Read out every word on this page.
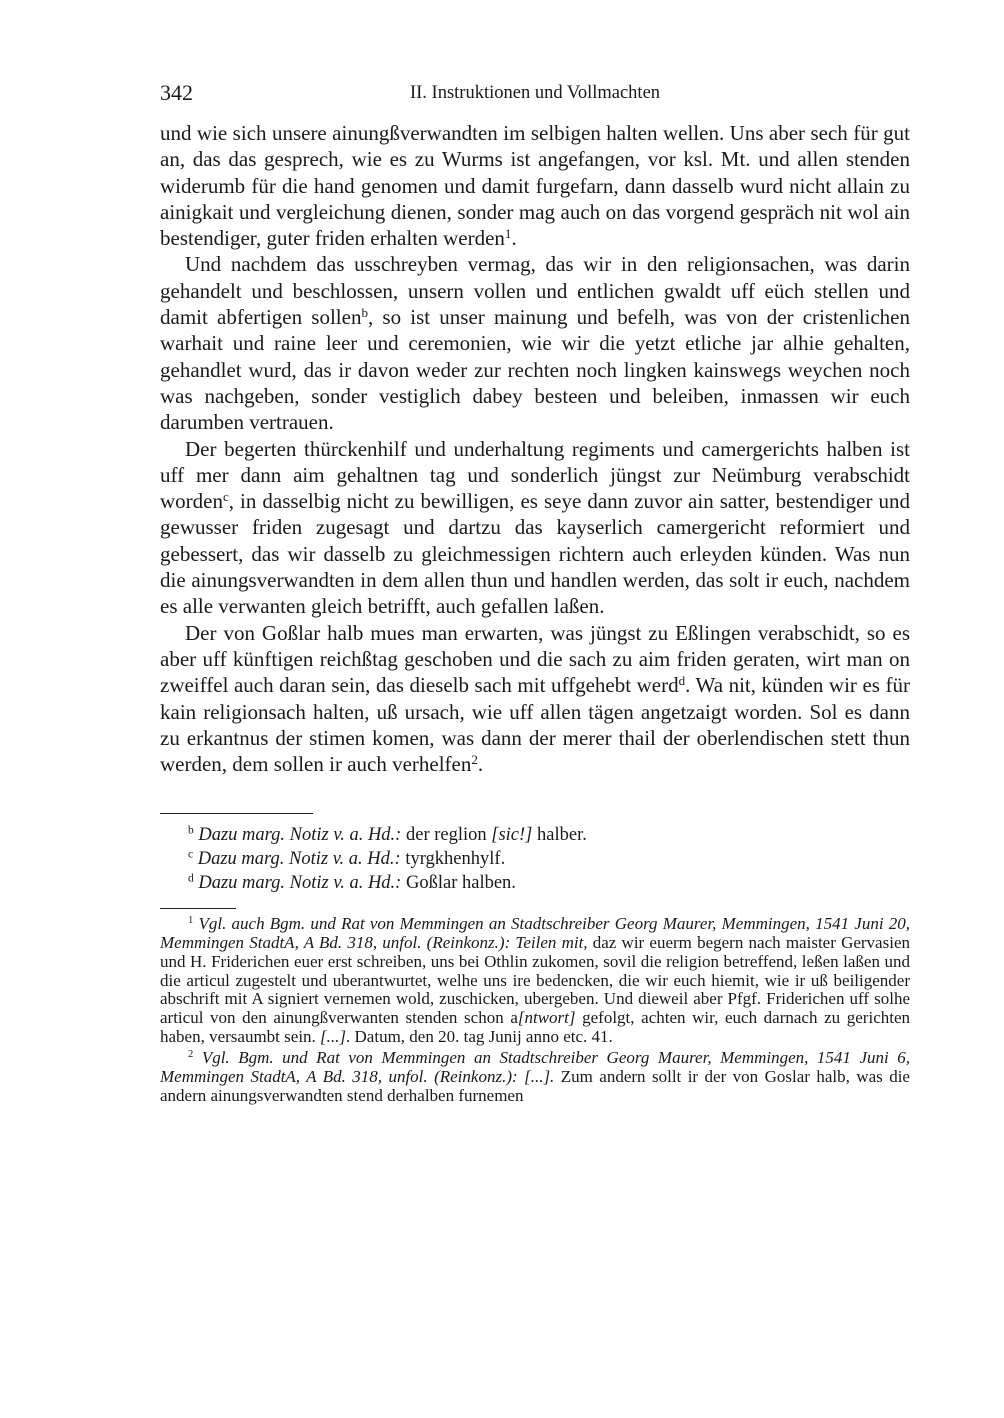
342	II. Instruktionen und Vollmachten

und wie sich unsere ainungßverwandten im selbigen halten wellen. Uns aber sech für gut an, das das gesprech, wie es zu Wurms ist angefangen, vor ksl. Mt. und allen stenden widerumb für die hand genomen und damit furgefarn, dann dasselb wurd nicht allain zu ainigkait und vergleichung dienen, sonder mag auch on das vorgend gespräch nit wol ain bestendiger, guter friden erhalten werden$^1$.

Und nachdem das usschreyben vermag, das wir in den religionsachen, was darin gehandelt und beschlossen, unsern vollen und entlichen gwaldt uff eüch stellen und damit abfertigen sollen$^b$, so ist unser mainung und befelh, was von der cristenlichen warhait und raine leer und ceremonien, wie wir die yetzt etliche jar alhie gehalten, gehandlet wurd, das ir davon weder zur rechten noch lingken kainswegs weychen noch was nachgeben, sonder vestiglich dabey besteen und beleiben, inmassen wir euch darumben vertrauen.

Der begerten thürckenhilf und underhaltung regiments und camergerichts halben ist uff mer dann aim gehaltnen tag und sonderlich jüngst zur Neümburg verabschidt worden$^c$, in dasselbig nicht zu bewilligen, es seye dann zuvor ain satter, bestendiger und gewusser friden zugesagt und dartzu das kayserlich camergericht reformiert und gebessert, das wir dasselb zu gleichmessigen richtern auch erleyden künden. Was nun die ainungsverwandten in dem allen thun und handlen werden, das solt ir euch, nachdem es alle verwanten gleich betrifft, auch gefallen laßen.

Der von Goßlar halb mues man erwarten, was jüngst zu Eßlingen verabschidt, so es aber uff künftigen reichßtag geschoben und die sach zu aim friden geraten, wirt man on zweiffel auch daran sein, das dieselb sach mit uffgehebt werd$^d$. Wa nit, künden wir es für kain religionsach halten, uß ursach, wie uff allen tägen angetzaigt worden. Sol es dann zu erkantnus der stimen komen, was dann der merer thail der oberlendischen stett thun werden, dem sollen ir auch verhelfen$^2$.

$^b$ Dazu marg. Notiz v. a. Hd.: der reglion [sic!] halber.

$^c$ Dazu marg. Notiz v. a. Hd.: tyrgkhenhylf.

$^d$ Dazu marg. Notiz v. a. Hd.: Goßlar halben.

$^1$ Vgl. auch Bgm. und Rat von Memmingen an Stadtschreiber Georg Maurer, Memmingen, 1541 Juni 20, Memmingen StadtA, A Bd. 318, unfol. (Reinkonz.): Teilen mit, daz wir euerm begern nach maister Gervasien und H. Friderichen euer erst schreiben, uns bei Othlin zukomen, sovil die religion betreffend, leßen laßen und die articul zugestelt und uberantwurtet, welhe uns ire bedencken, die wir euch hiemit, wie ir uß beiligender abschrift mit A signiert vernemen wold, zuschicken, ubergeben. Und dieweil aber Pfgf. Friderichen uff solhe articul von den ainungßverwanten stenden schon a[ntwort] gefolgt, achten wir, euch darnach zu gerichten haben, versaumbt sein. [...]. Datum, den 20. tag Junij anno etc. 41.

$^2$ Vgl. Bgm. und Rat von Memmingen an Stadtschreiber Georg Maurer, Memmingen, 1541 Juni 6, Memmingen StadtA, A Bd. 318, unfol. (Reinkonz.): [...]. Zum andern sollt ir der von Goslar halb, was die andern ainungsverwandten stend derhalben furnemen
